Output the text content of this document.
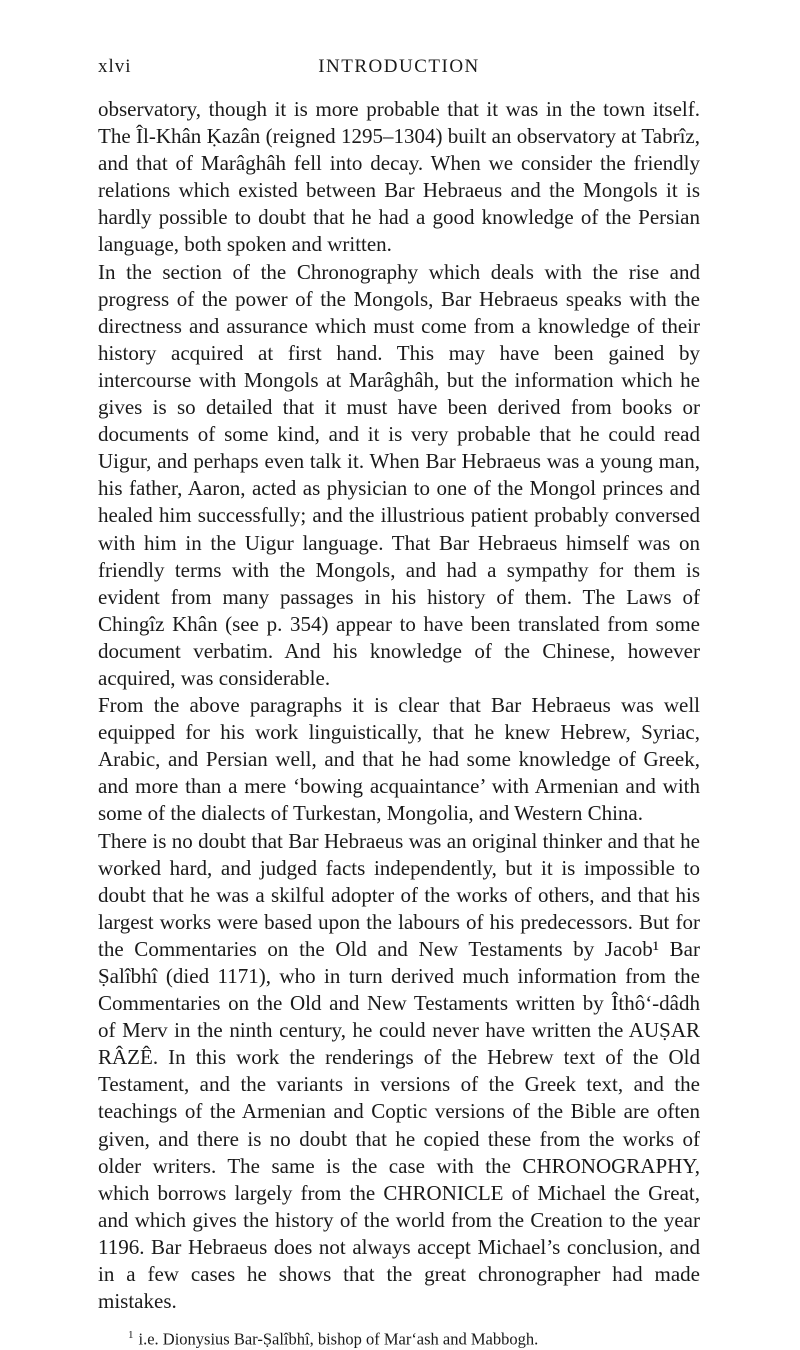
xlvi	INTRODUCTION

observatory, though it is more probable that it was in the town itself. The Îl-Khân Ḳazân (reigned 1295–1304) built an observatory at Tabrîz, and that of Marâghâh fell into decay. When we consider the friendly relations which existed between Bar Hebraeus and the Mongols it is hardly possible to doubt that he had a good knowledge of the Persian language, both spoken and written.

In the section of the Chronography which deals with the rise and progress of the power of the Mongols, Bar Hebraeus speaks with the directness and assurance which must come from a knowledge of their history acquired at first hand. This may have been gained by intercourse with Mongols at Marâghâh, but the information which he gives is so detailed that it must have been derived from books or documents of some kind, and it is very probable that he could read Uigur, and perhaps even talk it. When Bar Hebraeus was a young man, his father, Aaron, acted as physician to one of the Mongol princes and healed him successfully; and the illustrious patient probably conversed with him in the Uigur language. That Bar Hebraeus himself was on friendly terms with the Mongols, and had a sympathy for them is evident from many passages in his history of them. The Laws of Chingîz Khân (see p. 354) appear to have been translated from some document verbatim. And his knowledge of the Chinese, however acquired, was considerable.

From the above paragraphs it is clear that Bar Hebraeus was well equipped for his work linguistically, that he knew Hebrew, Syriac, Arabic, and Persian well, and that he had some knowledge of Greek, and more than a mere ‘bowing acquaintance’ with Armenian and with some of the dialects of Turkestan, Mongolia, and Western China.

There is no doubt that Bar Hebraeus was an original thinker and that he worked hard, and judged facts independently, but it is impossible to doubt that he was a skilful adopter of the works of others, and that his largest works were based upon the labours of his predecessors. But for the Commentaries on the Old and New Testaments by Jacob¹ Bar Ṣalîbhî (died 1171), who in turn derived much information from the Commentaries on the Old and New Testaments written by Îthô‘-dâdh of Merv in the ninth century, he could never have written the AUṢAR RÂZÊ. In this work the renderings of the Hebrew text of the Old Testament, and the variants in versions of the Greek text, and the teachings of the Armenian and Coptic versions of the Bible are often given, and there is no doubt that he copied these from the works of older writers. The same is the case with the CHRONOGRAPHY, which borrows largely from the CHRONICLE of Michael the Great, and which gives the history of the world from the Creation to the year 1196. Bar Hebraeus does not always accept Michael’s conclusion, and in a few cases he shows that the great chronographer had made mistakes.

$^1$ i.e. Dionysius Bar-Ṣalîbhî, bishop of Mar‘ash and Mabbogh.
